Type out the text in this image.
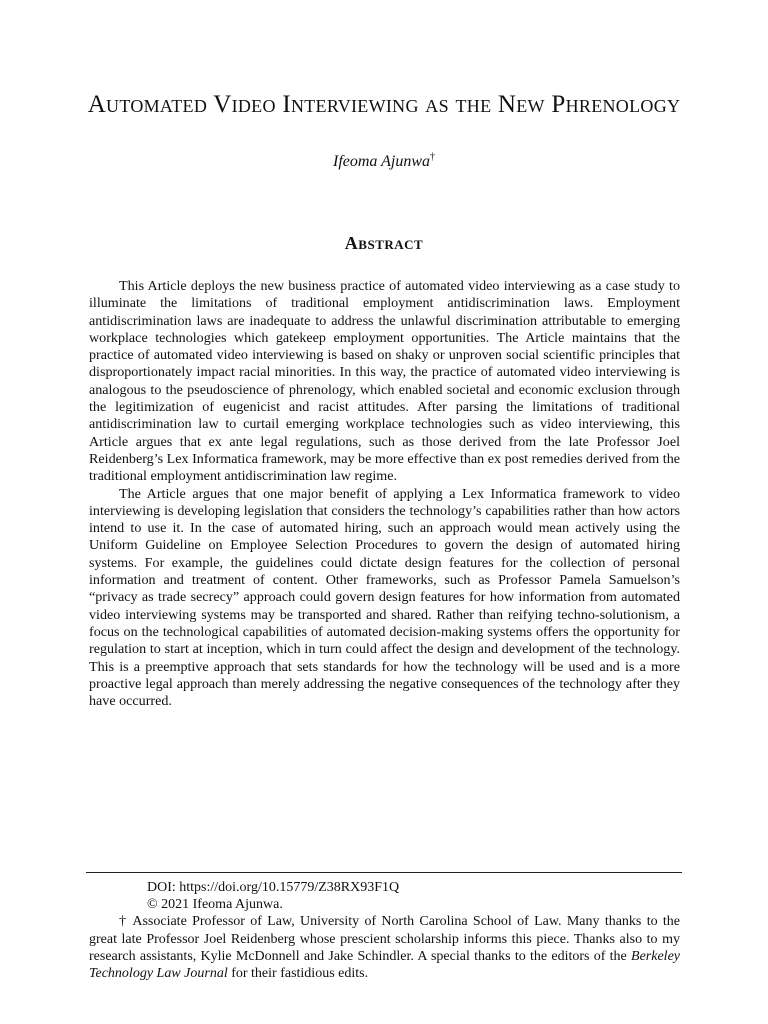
Automated Video Interviewing as the New Phrenology

Ifeoma Ajunwa†

Abstract

This Article deploys the new business practice of automated video interviewing as a case study to illuminate the limitations of traditional employment antidiscrimination laws. Employment antidiscrimination laws are inadequate to address the unlawful discrimination attributable to emerging workplace technologies which gatekeep employment opportunities. The Article maintains that the practice of automated video interviewing is based on shaky or unproven social scientific principles that disproportionately impact racial minorities. In this way, the practice of automated video interviewing is analogous to the pseudoscience of phrenology, which enabled societal and economic exclusion through the legitimization of eugenicist and racist attitudes. After parsing the limitations of traditional antidiscrimination law to curtail emerging workplace technologies such as video interviewing, this Article argues that ex ante legal regulations, such as those derived from the late Professor Joel Reidenberg’s Lex Informatica framework, may be more effective than ex post remedies derived from the traditional employment antidiscrimination law regime.

The Article argues that one major benefit of applying a Lex Informatica framework to video interviewing is developing legislation that considers the technology’s capabilities rather than how actors intend to use it. In the case of automated hiring, such an approach would mean actively using the Uniform Guideline on Employee Selection Procedures to govern the design of automated hiring systems. For example, the guidelines could dictate design features for the collection of personal information and treatment of content. Other frameworks, such as Professor Pamela Samuelson’s “privacy as trade secrecy” approach could govern design features for how information from automated video interviewing systems may be transported and shared. Rather than reifying techno-solutionism, a focus on the technological capabilities of automated decision-making systems offers the opportunity for regulation to start at inception, which in turn could affect the design and development of the technology. This is a preemptive approach that sets standards for how the technology will be used and is a more proactive legal approach than merely addressing the negative consequences of the technology after they have occurred.

DOI: https://doi.org/10.15779/Z38RX93F1Q

© 2021 Ifeoma Ajunwa.

† Associate Professor of Law, University of North Carolina School of Law. Many thanks to the great late Professor Joel Reidenberg whose prescient scholarship informs this piece. Thanks also to my research assistants, Kylie McDonnell and Jake Schindler. A special thanks to the editors of the Berkeley Technology Law Journal for their fastidious edits.
